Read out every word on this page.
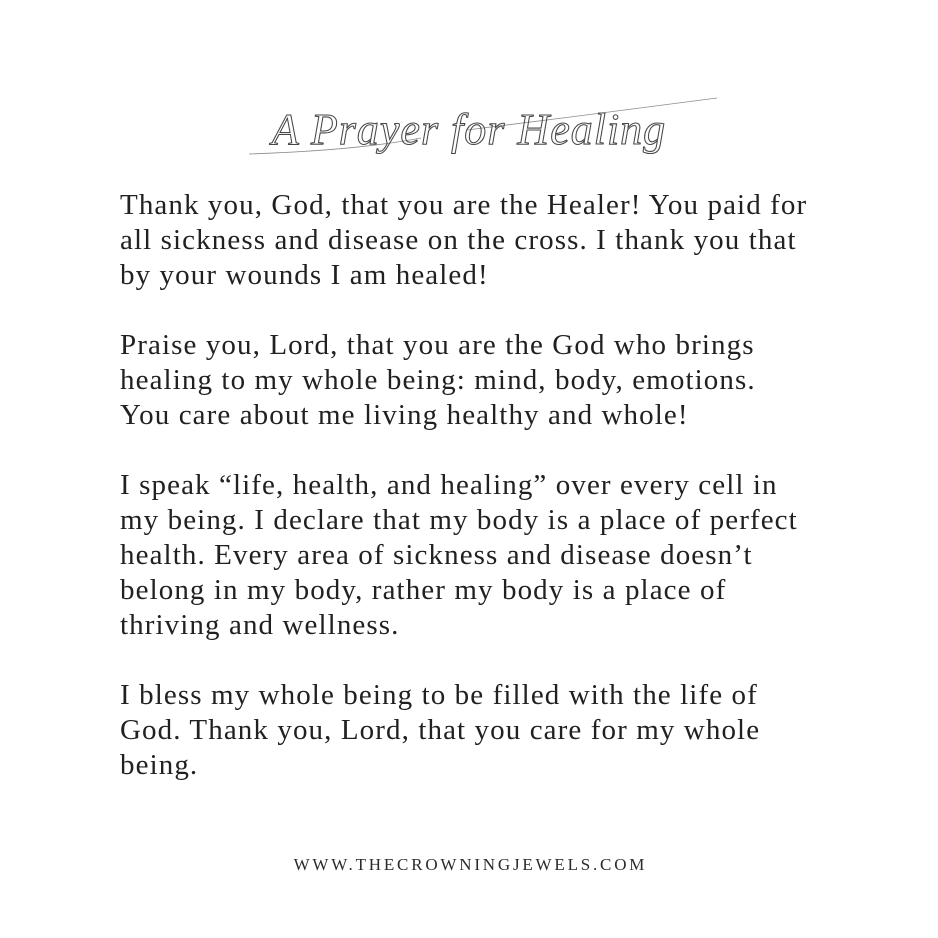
A Prayer for Healing
Thank you, God, that you are the Healer! You paid for
all sickness and disease on the cross. I thank you that
by your wounds I am healed!
Praise you, Lord, that you are the God who brings
healing to my whole being: mind, body, emotions.
You care about me living healthy and whole!
I speak “life, health, and healing” over every cell in
my being. I declare that my body is a place of perfect
health. Every area of sickness and disease doesn’t
belong in my body, rather my body is a place of
thriving and wellness.
I bless my whole being to be filled with the life of
God. Thank you, Lord, that you care for my whole
being.
WWW.THECROWNINGJEWELS.COM
